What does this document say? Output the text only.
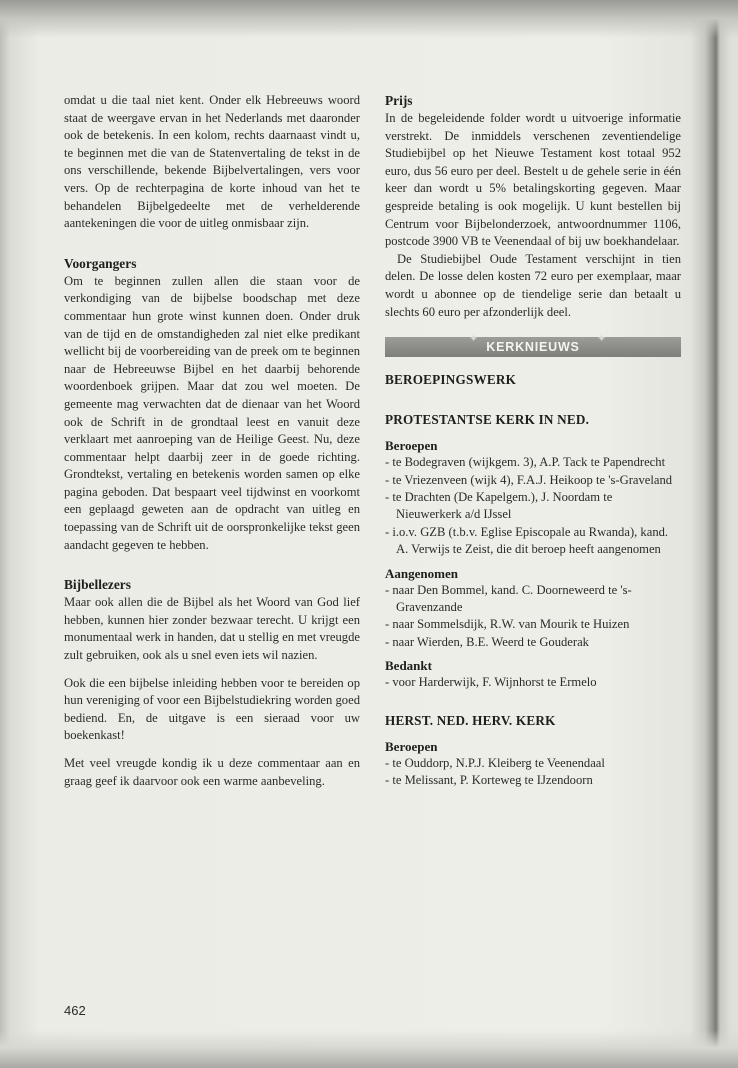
omdat u die taal niet kent. Onder elk Hebreeuws woord staat de weergave ervan in het Nederlands met daaronder ook de betekenis. In een kolom, rechts daarnaast vindt u, te beginnen met die van de Statenvertaling de tekst in de ons verschillende, bekende Bijbelvertalingen, vers voor vers. Op de rechterpagina de korte inhoud van het te behandelen Bijbelgedeelte met de verhelderende aantekeningen die voor de uitleg onmisbaar zijn.

Voorgangers

Om te beginnen zullen allen die staan voor de verkondiging van de bijbelse boodschap met deze commentaar hun grote winst kunnen doen. Onder druk van de tijd en de omstandigheden zal niet elke predikant wellicht bij de voorbereiding van de preek om te beginnen naar de Hebreeuwse Bijbel en het daarbij behorende woordenboek grijpen. Maar dat zou wel moeten. De gemeente mag verwachten dat de dienaar van het Woord ook de Schrift in de grondtaal leest en vanuit deze verklaart met aanroeping van de Heilige Geest. Nu, deze commentaar helpt daarbij zeer in de goede richting. Grondtekst, vertaling en betekenis worden samen op elke pagina geboden. Dat bespaart veel tijdwinst en voorkomt een geplaagd geweten aan de opdracht van uitleg en toepassing van de Schrift uit de oorspronkelijke tekst geen aandacht gegeven te hebben.

Bijbellezers

Maar ook allen die de Bijbel als het Woord van God lief hebben, kunnen hier zonder bezwaar terecht. U krijgt een monumentaal werk in handen, dat u stellig en met vreugde zult gebruiken, ook als u snel even iets wil nazien.

Ook die een bijbelse inleiding hebben voor te bereiden op hun vereniging of voor een Bijbelstudiekring worden goed bediend. En, de uitgave is een sieraad voor uw boekenkast!

Met veel vreugde kondig ik u deze commentaar aan en graag geef ik daarvoor ook een warme aanbeveling.

Prijs

In de begeleidende folder wordt u uitvoerige informatie verstrekt. De inmiddels verschenen zeventiendelige Studiebijbel op het Nieuwe Testament kost totaal 952 euro, dus 56 euro per deel. Bestelt u de gehele serie in één keer dan wordt u 5% betalingskorting gegeven. Maar gespreide betaling is ook mogelijk. U kunt bestellen bij Centrum voor Bijbelonderzoek, antwoordnummer 1106, postcode 3900 VB te Veenendaal of bij uw boekhandelaar.

De Studiebijbel Oude Testament verschijnt in tien delen. De losse delen kosten 72 euro per exemplaar, maar wordt u abonnee op de tiendelige serie dan betaalt u slechts 60 euro per afzonderlijk deel.

✦
KERKNIEUWS
✦
BEROEPINGSWERK
PROTESTANTSE KERK IN NED.
Beroepen
- te Bodegraven (wijkgem. 3), A.P. Tack te Papendrecht
- te Vriezenveen (wijk 4), F.A.J. Heikoop te 's-Graveland
- te Drachten (De Kapelgem.), J. Noordam te Nieuwerkerk a/d IJssel
- i.o.v. GZB (t.b.v. Eglise Episcopale au Rwanda), kand. A. Verwijs te Zeist, die dit beroep heeft aangenomen
Aangenomen
- naar Den Bommel, kand. C. Doorneweerd te 's-Gravenzande
- naar Sommelsdijk, R.W. van Mourik te Huizen
- naar Wierden, B.E. Weerd te Gouderak
Bedankt
- voor Harderwijk, F. Wijnhorst te Ermelo
HERST. NED. HERV. KERK
Beroepen
- te Ouddorp, N.P.J. Kleiberg te Veenendaal
- te Melissant, P. Korteweg te IJzendoorn
462
